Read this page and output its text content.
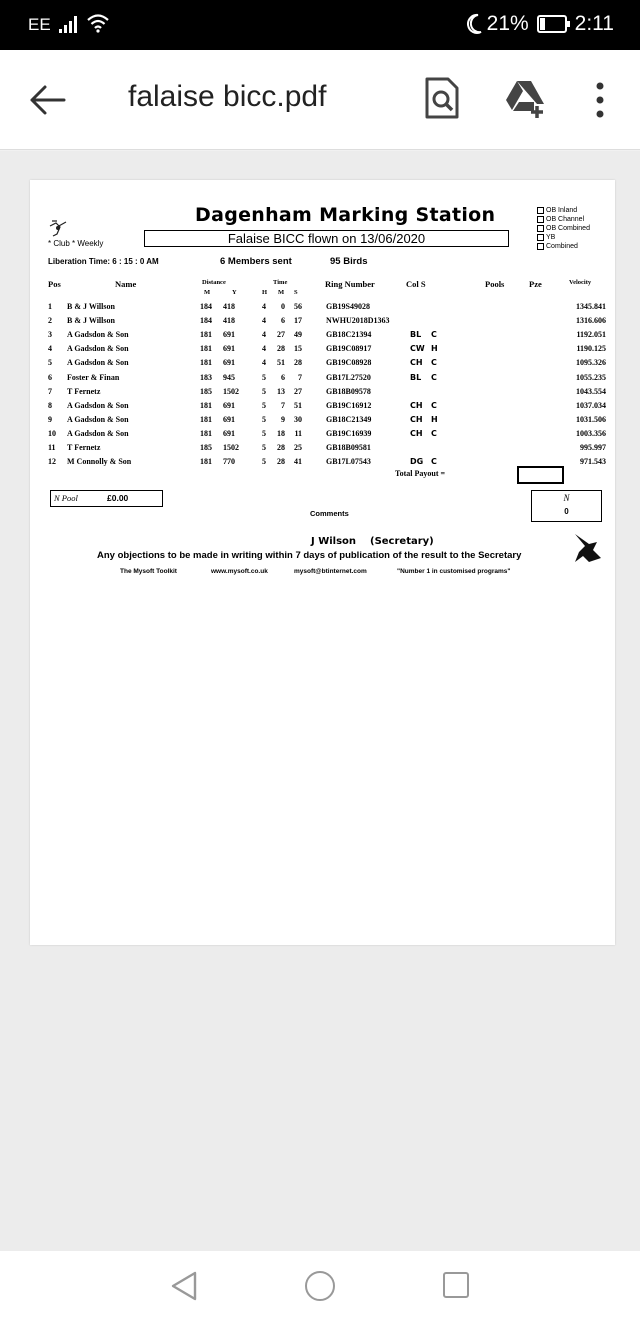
EE	21% 2:11
falaise bicc.pdf
Dagenham Marking Station
Falaise BICC flown on 13/06/2020
* Club * Weekly
Liberation Time: 6 : 15 : 0 AM	6 Members sent	95 Birds
OB Inland
OB Channel
OB Combined
YB
Combined
Pos	Name	Distance
M	Y
Time
H M S
Ring Number	Col S	Pools	Pze	Velocity
1 B & J Willson	184 418	4 0 56	GB19S49028	1345.841
2 B & J Willson	184 418	4 6 17	NWHU2018D1363	1316.606
3 A Gadsdon & Son	181 691	4 27 49	GB18C21394	BL C	1192.051
4 A Gadsdon & Son	181 691	4 28 15	GB19C08917	CW H	1190.125
5 A Gadsdon & Son	181 691	4 51 28	GB19C08928	CH C	1095.326
6 Foster & Finan	183 945	5 6 7	GB17L27520	BL C	1055.235
7 T Fernetz	185 1502	5 13 27	GB18B09578	1043.554
8 A Gadsdon & Son	181 691	5 7 51	GB19C16912	CH C	1037.034
9 A Gadsdon & Son	181 691	5 9 30	GB18C21349	CH H	1031.506
10 A Gadsdon & Son	181 691	5 18 11	GB19C16939	CH C	1003.356
11 T Fernetz	185 1502	5 28 25	GB18B09581	995.997
12 M Connolly & Son	181 770	5 28 41	GB17L07543	DG C	971.543
Total Payout =
N Pool	£0.00	N
0
Comments
J Wilson (Secretary)
Any objections to be made in writing within 7 days of publication of the result to the Secretary
The Mysoft Toolkit	www.mysoft.co.uk	mysoft@btinternet.com	"Number 1 in customised programs"
